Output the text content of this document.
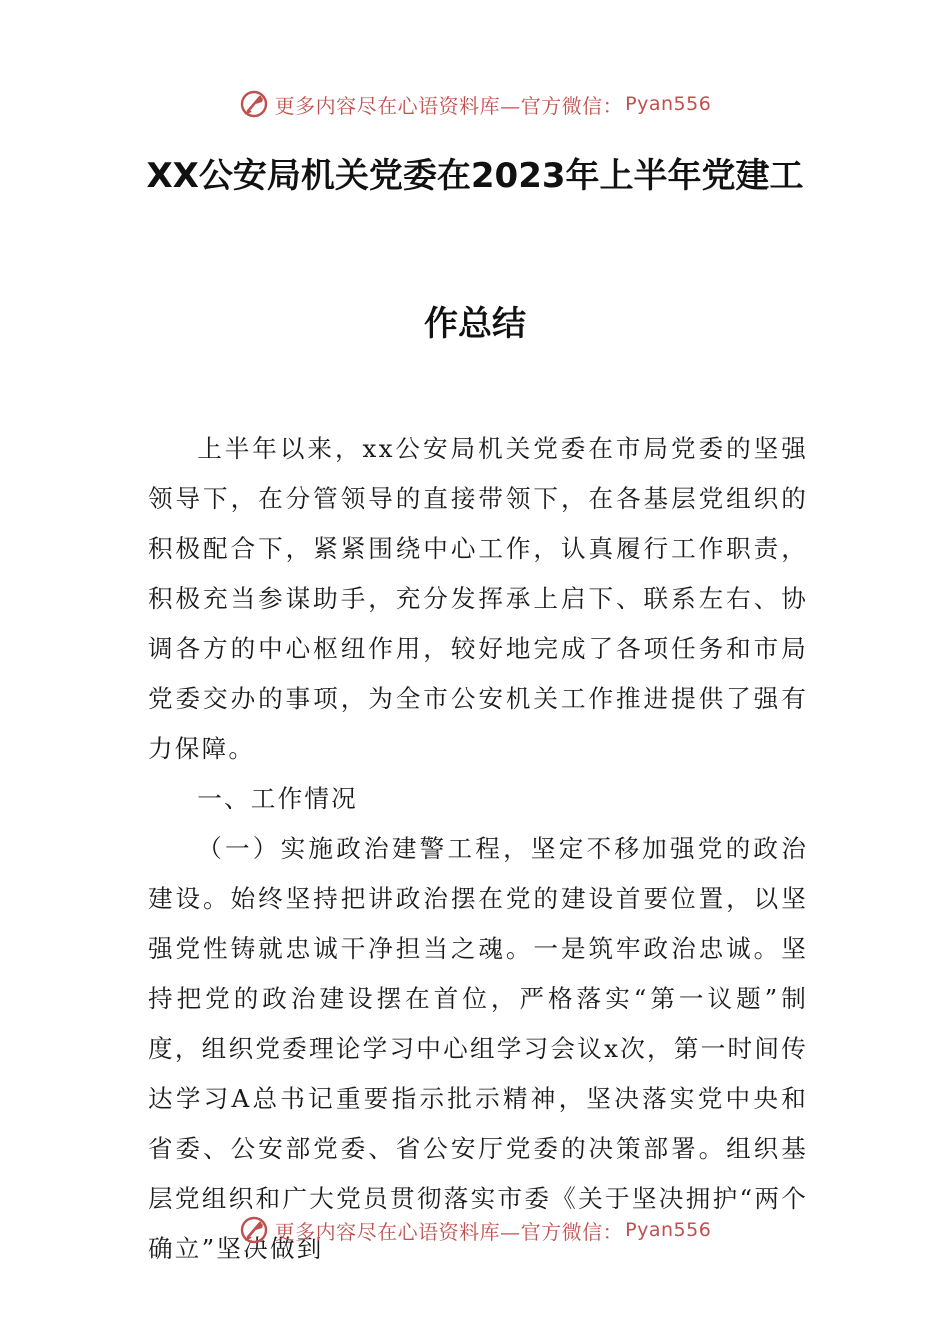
更多内容尽在心语资料库—官方微信： Pyan556
XX公安局机关党委在2023年上半年党建工
作总结

上半年以来，xx公安局机关党委在市局党委的坚强领导下，在分管领导的直接带领下，在各基层党组织的积极配合下，紧紧围绕中心工作，认真履行工作职责，积极充当参谋助手，充分发挥承上启下、联系左右、协调各方的中心枢纽作用，较好地完成了各项任务和市局党委交办的事项，为全市公安机关工作推进提供了强有力保障。

一、工作情况

（一）实施政治建警工程，坚定不移加强党的政治建设。始终坚持把讲政治摆在党的建设首要位置，以坚强党性铸就忠诚干净担当之魂。一是筑牢政治忠诚。坚持把党的政治建设摆在首位，严格落实“第一议题”制度，组织党委理论学习中心组学习会议x次，第一时间传达学习A总书记重要指示批示精神，坚决落实党中央和省委、公安部党委、省公安厅党委的决策部署。组织基层党组织和广大党员贯彻落实市委《关于坚决拥护“两个确立”坚决做到

更多内容尽在心语资料库—官方微信： Pyan556
